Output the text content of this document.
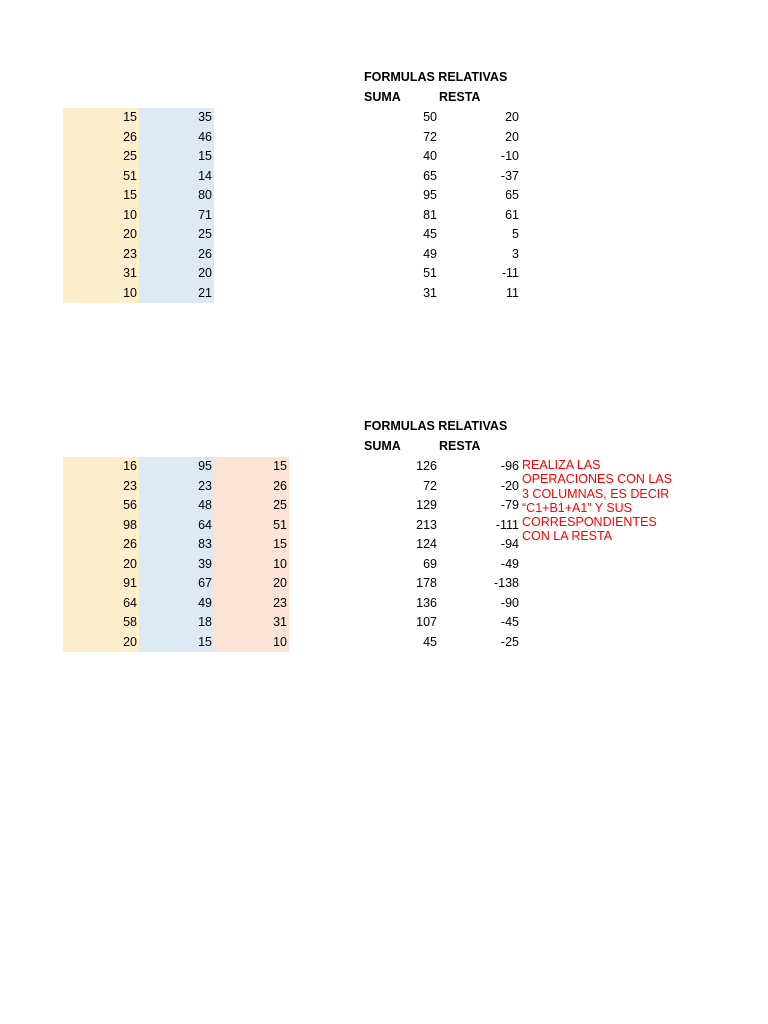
FORMULAS RELATIVAS
SUMA	RESTA
15	35	50	20
26	46	72	20
25	15	40	-10
51	14	65	-37
15	80	95	65
10	71	81	61
20	25	45	5
23	26	49	3
31	20	51	-11
10	21	31	11
FORMULAS RELATIVAS
SUMA	RESTA
16	95	15	126	-96
23	23	26	72	-20
56	48	25	129	-79
98	64	51	213	-111
26	83	15	124	-94
20	39	10	69	-49
91	67	20	178	-138
64	49	23	136	-90
58	18	31	107	-45
20	15	10	45	-25
REALIZA LAS OPERACIONES CON LAS 3 COLUMNAS, ES DECIR “C1+B1+A1” Y SUS CORRESPONDIENTES CON LA RESTA
